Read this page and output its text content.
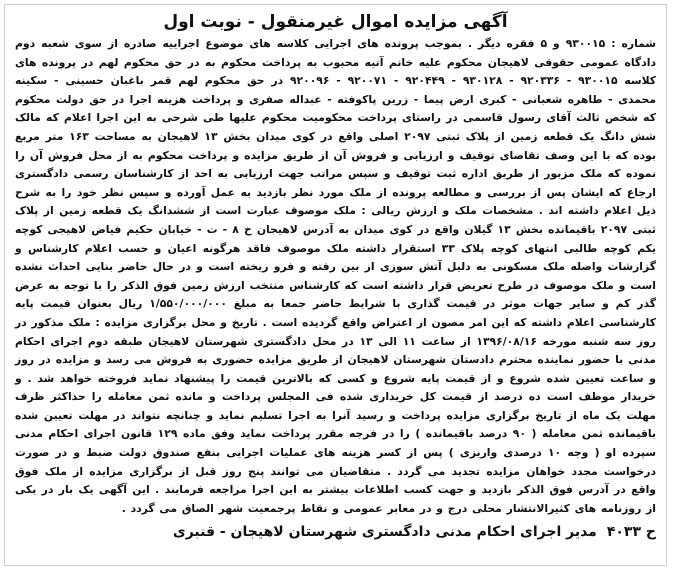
آگهی مزایده اموال غیرمنقول - نوبت اول

شماره : ۹۳۰۰۱۵ و ۵ فقره دیگر . بموجب پرونده های اجرایی کلاسه های موضوع اجراییه صادره از سوی شعبه دوم دادگاه عمومی حقوقی لاهیجان محکوم علیه خانم آتیه محبوب به پرداخت محکوم به در حق محکوم لهم در پرونده های کلاسه ۹۳۰۰۱۵ - ۹۲۰۳۳۶ - ۹۳۰۱۲۸ - ۹۲۰۴۴۹ - ۹۲۰۰۷۱ - ۹۲۰۰۹۶ در حق محکوم لهم قمر باغبان حسینی - سکینه محمدی - طاهره شعبانی - کبری ارض پیما - زرین پاکوفته - عبداله صفری و پرداخت هزینه اجرا در حق دولت محکوم که شخص ثالث آقای رسول قاسمی در راستای پرداخت محکومیت محکوم علیها طی شرحی به این اجرا اعلام که مالک شش دانگ یک قطعه زمین از پلاک ثبتی ۲۰۹۷ اصلی واقع در کوی میدان بخش ۱۳ لاهیجان به مساحت ۱۶۳ متر مربع بوده که با این وصف تقاضای توقیف و ارزیابی و فروش آن از طریق مزایده و پرداخت محکوم به از محل فروش آن را نموده که ملک مزبور از طریق اداره ثبت توقیف و سپس مراتب جهت ارزیابی به احد از کارشناسان رسمی دادگستری ارجاع که ایشان پس از بررسی و مطالعه پرونده از ملک مورد نظر بازدید به عمل آورده و سپس نظر خود را به شرح ذیل اعلام داشته اند . مشخصات ملک و ارزش ریالی : ملک موصوف عبارت است از ششدانگ یک قطعه زمین از پلاک ثبتی ۲۰۹۷ باقیمانده بخش ۱۳ گیلان واقع در کوی میدان به آدرس لاهیجان خ ۸ - ت - خیابان حکیم فیاض لاهیجی کوچه یکم کوچه طالبی انتهای کوچه پلاک ۳۳ استقرار داشته ملک موصوف فاقد هرگونه اعیان و حسب اعلام کارشناس و گزارشات واصله ملک مسکونی به دلیل آتش سوزی از بین رفته و فرو ریخته است و در حال حاضر بنایی احداث نشده است و ملک موصوف در طرح تعریض قرار داشته است که کارشناس منتخب ارزش زمین فوق الذکر را با توجه به عرض گذر کم و سایر جهات موثر در قیمت گذاری با شرایط حاضر جمعا به مبلغ ۱/۵۵۰/۰۰۰/۰۰۰ ریال بعنوان قیمت پایه کارشناسی اعلام داشته که این امر مصون از اعتراض واقع گردیده است . تاریخ و محل برگزاری مزایده : ملک مذکور در روز سه شنبه مورخه ۱۳۹۶/۰۸/۱۶ از ساعت ۱۱ الی ۱۳ در محل دادگستری شهرستان لاهیجان طبقه دوم اجرای احکام مدنی با حضور نماینده محترم دادستان شهرستان لاهیجان از طریق مزایده حضوری به فروش می رسد و مزایده در روز و ساعت تعیین شده شروع و از قیمت پایه شروع و کسی که بالاترین قیمت را پیشنهاد نماید فروخته خواهد شد . و خریدار موظف است ده درصد از قیمت کل خریداری شده فی المجلس پرداخت و مانده ثمن معامله را حداکثر ظرف مهلت یک ماه از تاریخ برگزاری مزایده پرداخت و رسید آنرا به اجرا تسلیم نماید و چنانچه نتواند در مهلت تعیین شده باقیمانده ثمن معامله ( ۹۰ درصد باقیمانده ) را در فرجه مقرر پرداخت نماید وفق ماده ۱۲۹ قانون اجرای احکام مدنی سپرده او ( وجه ۱۰ درصدی واریزی ) پس از کسر هزینه های عملیات اجرایی بنفع صندوق دولت ضبط و در صورت درخواست مجدد خواهان مزایده تجدید می گردد . متقاضیان می توانند پنج روز قبل از برگزاری مزایده از ملک فوق واقع در آدرس فوق الذکر بازدید و جهت کسب اطلاعات بیشتر به این اجرا مراجعه فرمایند . این آگهی یک بار در یکی از روزنامه های کثیرالانتشار محلی درج و در معابر عمومی و نقاط پرجمعیت شهر الصاق می گردد .

ح ۴۰۳۳
مدیر اجرای احکام مدنی دادگستری شهرستان لاهیجان - قنبری
